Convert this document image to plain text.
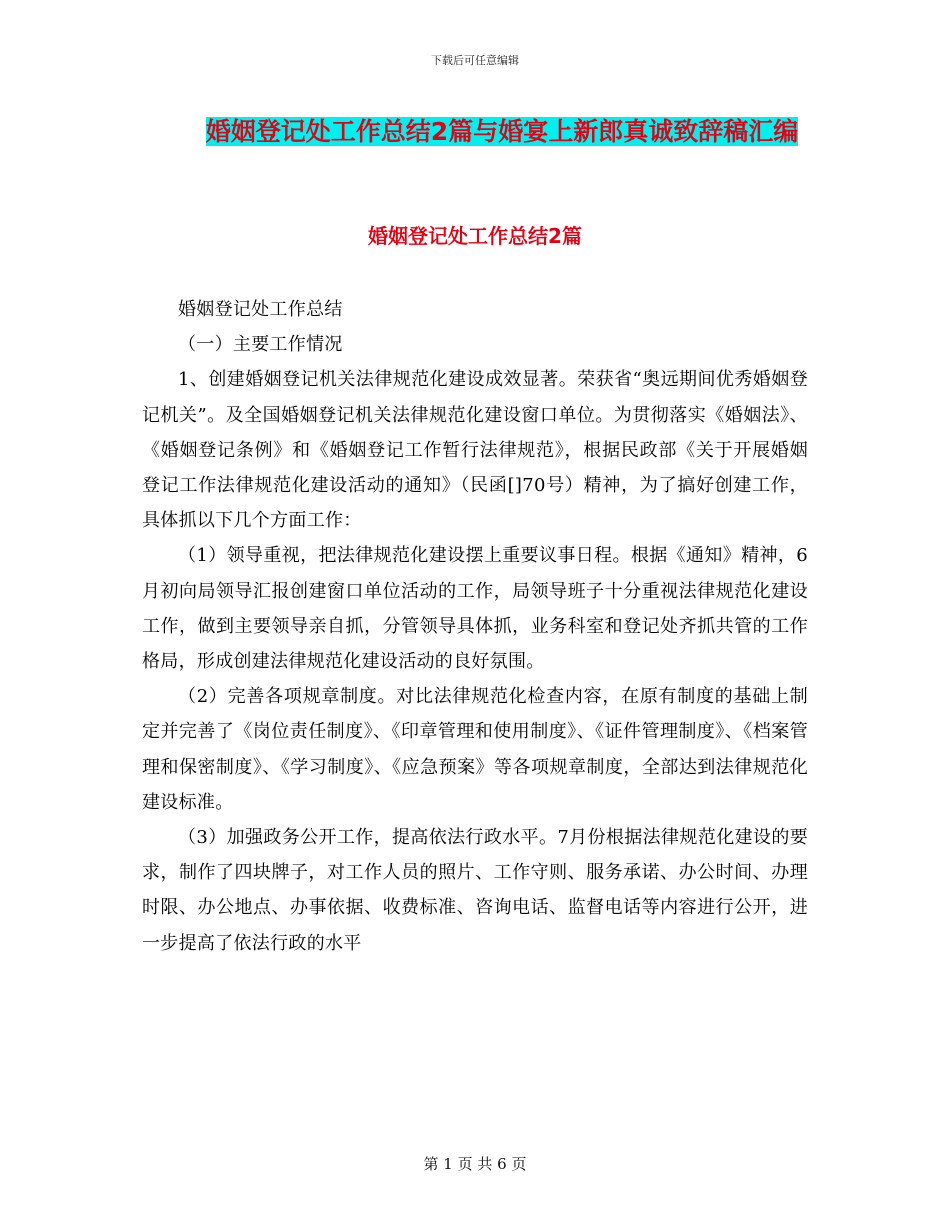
下载后可任意编辑
婚姻登记处工作总结2篇与婚宴上新郎真诚致辞稿汇编
婚姻登记处工作总结2篇

婚姻登记处工作总结

（一）主要工作情况

1、创建婚姻登记机关法律规范化建设成效显著。荣获省“奥远期间优秀婚姻登记机关”。及全国婚姻登记机关法律规范化建设窗口单位。为贯彻落实《婚姻法》、《婚姻登记条例》和《婚姻登记工作暂行法律规范》，根据民政部《关于开展婚姻登记工作法律规范化建设活动的通知》（民函[]70号）精神，为了搞好创建工作，具体抓以下几个方面工作：

（1）领导重视，把法律规范化建设摆上重要议事日程。根据《通知》精神，6月初向局领导汇报创建窗口单位活动的工作，局领导班子十分重视法律规范化建设工作，做到主要领导亲自抓，分管领导具体抓，业务科室和登记处齐抓共管的工作格局，形成创建法律规范化建设活动的良好氛围。

（2）完善各项规章制度。对比法律规范化检查内容，在原有制度的基础上制定并完善了《岗位责任制度》、《印章管理和使用制度》、《证件管理制度》、《档案管理和保密制度》、《学习制度》、《应急预案》等各项规章制度，全部达到法律规范化建设标准。

（3）加强政务公开工作，提高依法行政水平。7月份根据法律规范化建设的要求，制作了四块牌子，对工作人员的照片、工作守则、服务承诺、办公时间、办理时限、办公地点、办事依据、收费标准、咨询电话、监督电话等内容进行公开，进一步提高了依法行政的水平

第 1 页 共 6 页
